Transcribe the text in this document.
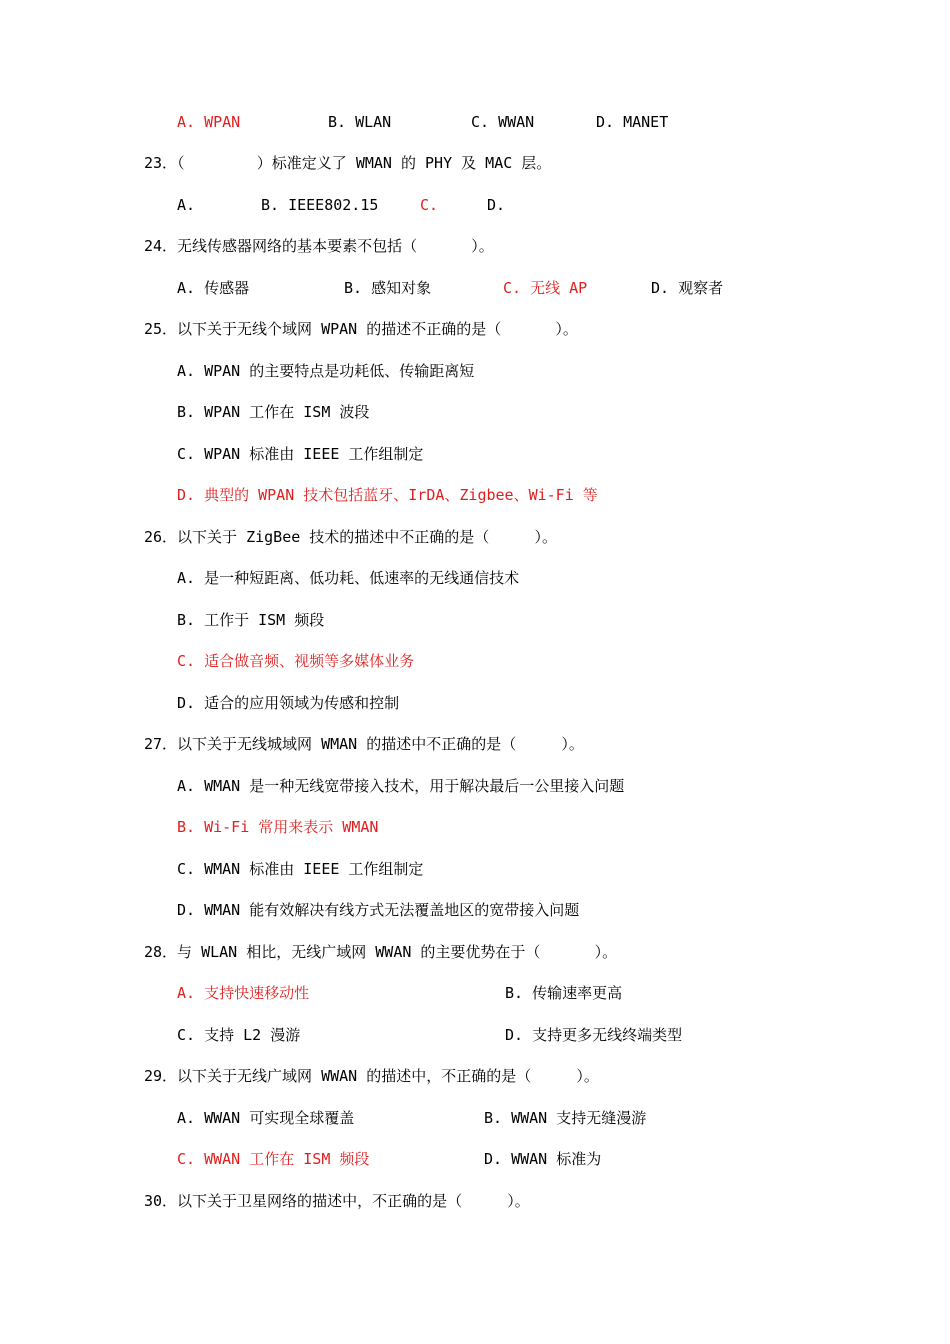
A. WPAN	B. WLAN	C. WWAN	D. MANET
23．（        ）标准定义了 WMAN 的 PHY 及 MAC 层。
A.	B. IEEE802.15	C.	D.
24．无线传感器网络的基本要素不包括（      ）。
A. 传感器	B. 感知对象	C. 无线 AP	D. 观察者
25．以下关于无线个域网 WPAN 的描述不正确的是（      ）。
A. WPAN 的主要特点是功耗低、传输距离短
B. WPAN 工作在 ISM 波段
C. WPAN 标准由 IEEE 工作组制定
D. 典型的 WPAN 技术包括蓝牙、IrDA、Zigbee、Wi-Fi 等
26．以下关于 ZigBee 技术的描述中不正确的是（     ）。
A. 是一种短距离、低功耗、低速率的无线通信技术
B. 工作于 ISM 频段
C. 适合做音频、视频等多媒体业务
D. 适合的应用领域为传感和控制
27．以下关于无线城域网 WMAN 的描述中不正确的是（     ）。
A. WMAN 是一种无线宽带接入技术，用于解决最后一公里接入问题
B. Wi-Fi 常用来表示 WMAN
C. WMAN 标准由 IEEE 工作组制定
D. WMAN 能有效解决有线方式无法覆盖地区的宽带接入问题
28．与 WLAN 相比，无线广域网 WWAN 的主要优势在于（      ）。
A. 支持快速移动性	B. 传输速率更高
C. 支持 L2 漫游	D. 支持更多无线终端类型
29．以下关于无线广域网 WWAN 的描述中，不正确的是（     ）。
A. WWAN 可实现全球覆盖	B. WWAN 支持无缝漫游
C. WWAN 工作在 ISM 频段	D. WWAN 标准为
30．以下关于卫星网络的描述中，不正确的是（     ）。
